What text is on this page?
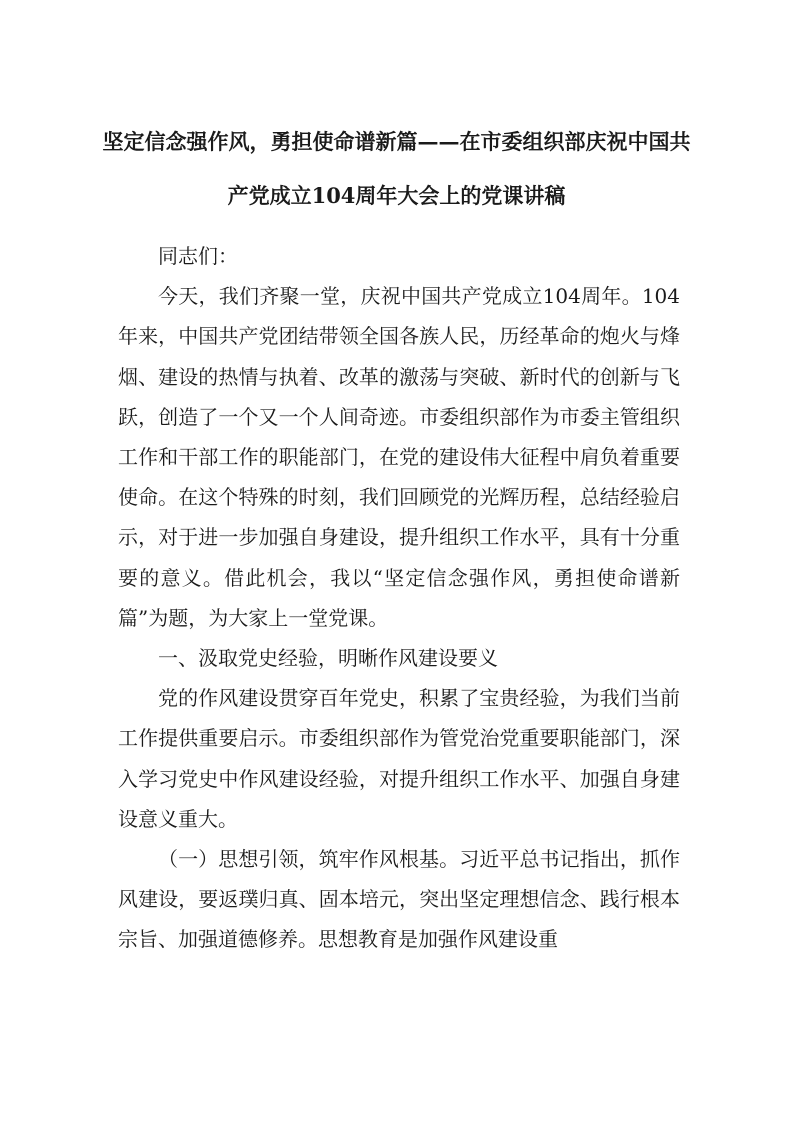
坚定信念强作风，勇担使命谱新篇——在市委组织部庆祝中国共产党成立104周年大会上的党课讲稿

同志们：

今天，我们齐聚一堂，庆祝中国共产党成立104周年。104年来，中国共产党团结带领全国各族人民，历经革命的炮火与烽烟、建设的热情与执着、改革的激荡与突破、新时代的创新与飞跃，创造了一个又一个人间奇迹。市委组织部作为市委主管组织工作和干部工作的职能部门，在党的建设伟大征程中肩负着重要使命。在这个特殊的时刻，我们回顾党的光辉历程，总结经验启示，对于进一步加强自身建设，提升组织工作水平，具有十分重要的意义。借此机会，我以“坚定信念强作风，勇担使命谱新篇”为题，为大家上一堂党课。

一、汲取党史经验，明晰作风建设要义

党的作风建设贯穿百年党史，积累了宝贵经验，为我们当前工作提供重要启示。市委组织部作为管党治党重要职能部门，深入学习党史中作风建设经验，对提升组织工作水平、加强自身建设意义重大。

（一）思想引领，筑牢作风根基。习近平总书记指出，抓作风建设，要返璞归真、固本培元，突出坚定理想信念、践行根本宗旨、加强道德修养。思想教育是加强作风建设重
